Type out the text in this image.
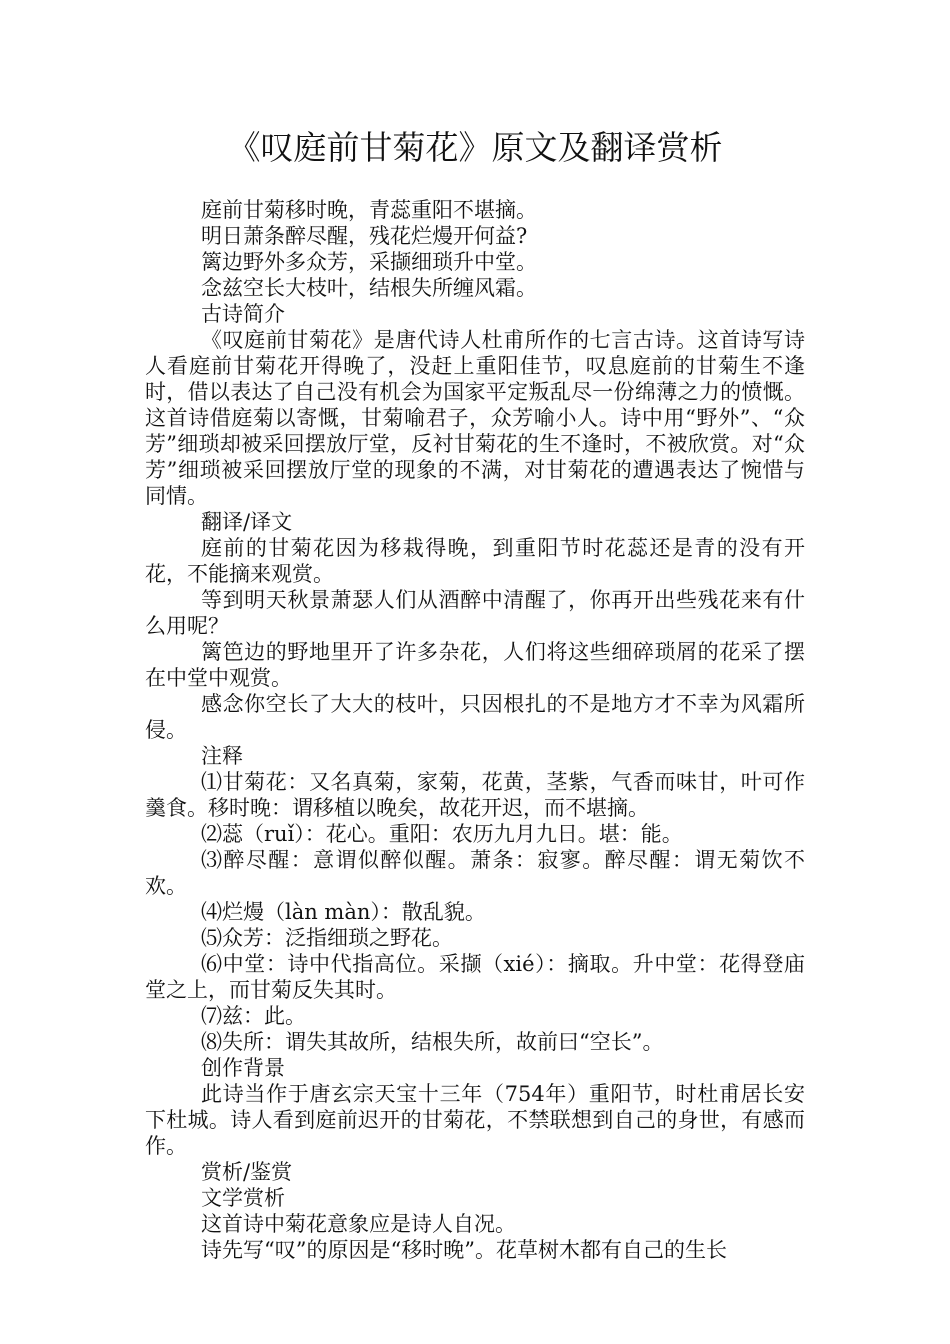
《叹庭前甘菊花》原文及翻译赏析

庭前甘菊移时晚，青蕊重阳不堪摘。

明日萧条醉尽醒，残花烂熳开何益?

篱边野外多众芳，采撷细琐升中堂。

念兹空长大枝叶，结根失所缠风霜。

古诗简介

《叹庭前甘菊花》是唐代诗人杜甫所作的七言古诗。这首诗写诗人看庭前甘菊花开得晚了，没赶上重阳佳节，叹息庭前的甘菊生不逢时，借以表达了自己没有机会为国家平定叛乱尽一份绵薄之力的愤慨。这首诗借庭菊以寄慨，甘菊喻君子，众芳喻小人。诗中用“野外”、“众芳”细琐却被采回摆放厅堂，反衬甘菊花的生不逢时，不被欣赏。对“众芳”细琐被采回摆放厅堂的现象的不满，对甘菊花的遭遇表达了惋惜与同情。

翻译/译文

庭前的甘菊花因为移栽得晚，到重阳节时花蕊还是青的没有开花，不能摘来观赏。

等到明天秋景萧瑟人们从酒醉中清醒了，你再开出些残花来有什么用呢？

篱笆边的野地里开了许多杂花，人们将这些细碎琐屑的花采了摆在中堂中观赏。

感念你空长了大大的枝叶，只因根扎的不是地方才不幸为风霜所侵。

注释

⑴甘菊花：又名真菊，家菊，花黄，茎紫，气香而味甘，叶可作羹食。移时晚：谓移植以晚矣，故花开迟，而不堪摘。

⑵蕊（ruǐ）：花心。重阳：农历九月九日。堪：能。

⑶醉尽醒：意谓似醉似醒。萧条：寂寥。醉尽醒：谓无菊饮不欢。

⑷烂熳（làn màn）：散乱貌。

⑸众芳：泛指细琐之野花。

⑹中堂：诗中代指高位。采撷（xié）：摘取。升中堂：花得登庙堂之上，而甘菊反失其时。

⑺兹：此。

⑻失所：谓失其故所，结根失所，故前曰“空长”。

创作背景

此诗当作于唐玄宗天宝十三年（754年）重阳节，时杜甫居长安下杜城。诗人看到庭前迟开的甘菊花，不禁联想到自己的身世，有感而作。

赏析/鉴赏

文学赏析

这首诗中菊花意象应是诗人自况。

诗先写“叹”的原因是“移时晚”。花草树木都有自己的生长
